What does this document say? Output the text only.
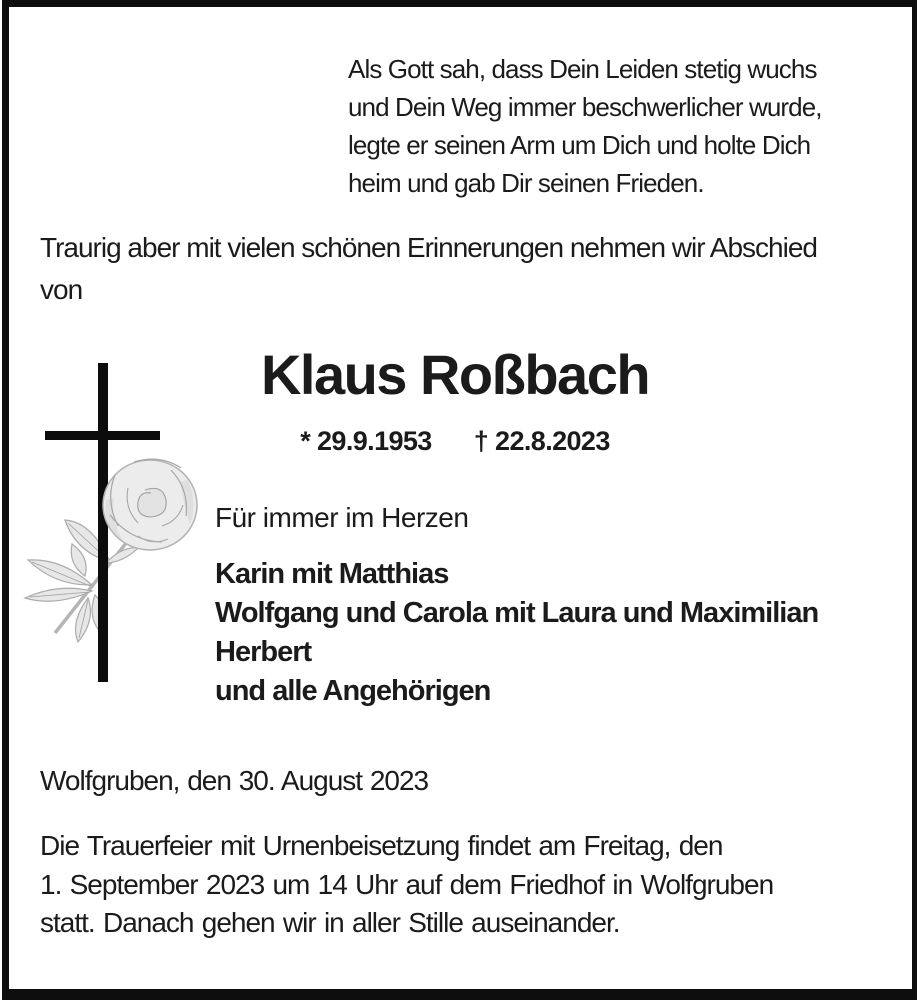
Als Gott sah, dass Dein Leiden stetig wuchs
und Dein Weg immer beschwerlicher wurde,
legte er seinen Arm um Dich und holte Dich
heim und gab Dir seinen Frieden.
Traurig aber mit vielen schönen Erinnerungen nehmen wir Abschied
von
Klaus Roßbach
* 29.9.1953 † 22.8.2023
Für immer im Herzen
Karin mit Matthias
Wolfgang und Carola mit Laura und Maximilian
Herbert
und alle Angehörigen
Wolfgruben, den 30. August 2023
Die Trauerfeier mit Urnenbeisetzung findet am Freitag, den
1. September 2023 um 14 Uhr auf dem Friedhof in Wolfgruben
statt. Danach gehen wir in aller Stille auseinander.
